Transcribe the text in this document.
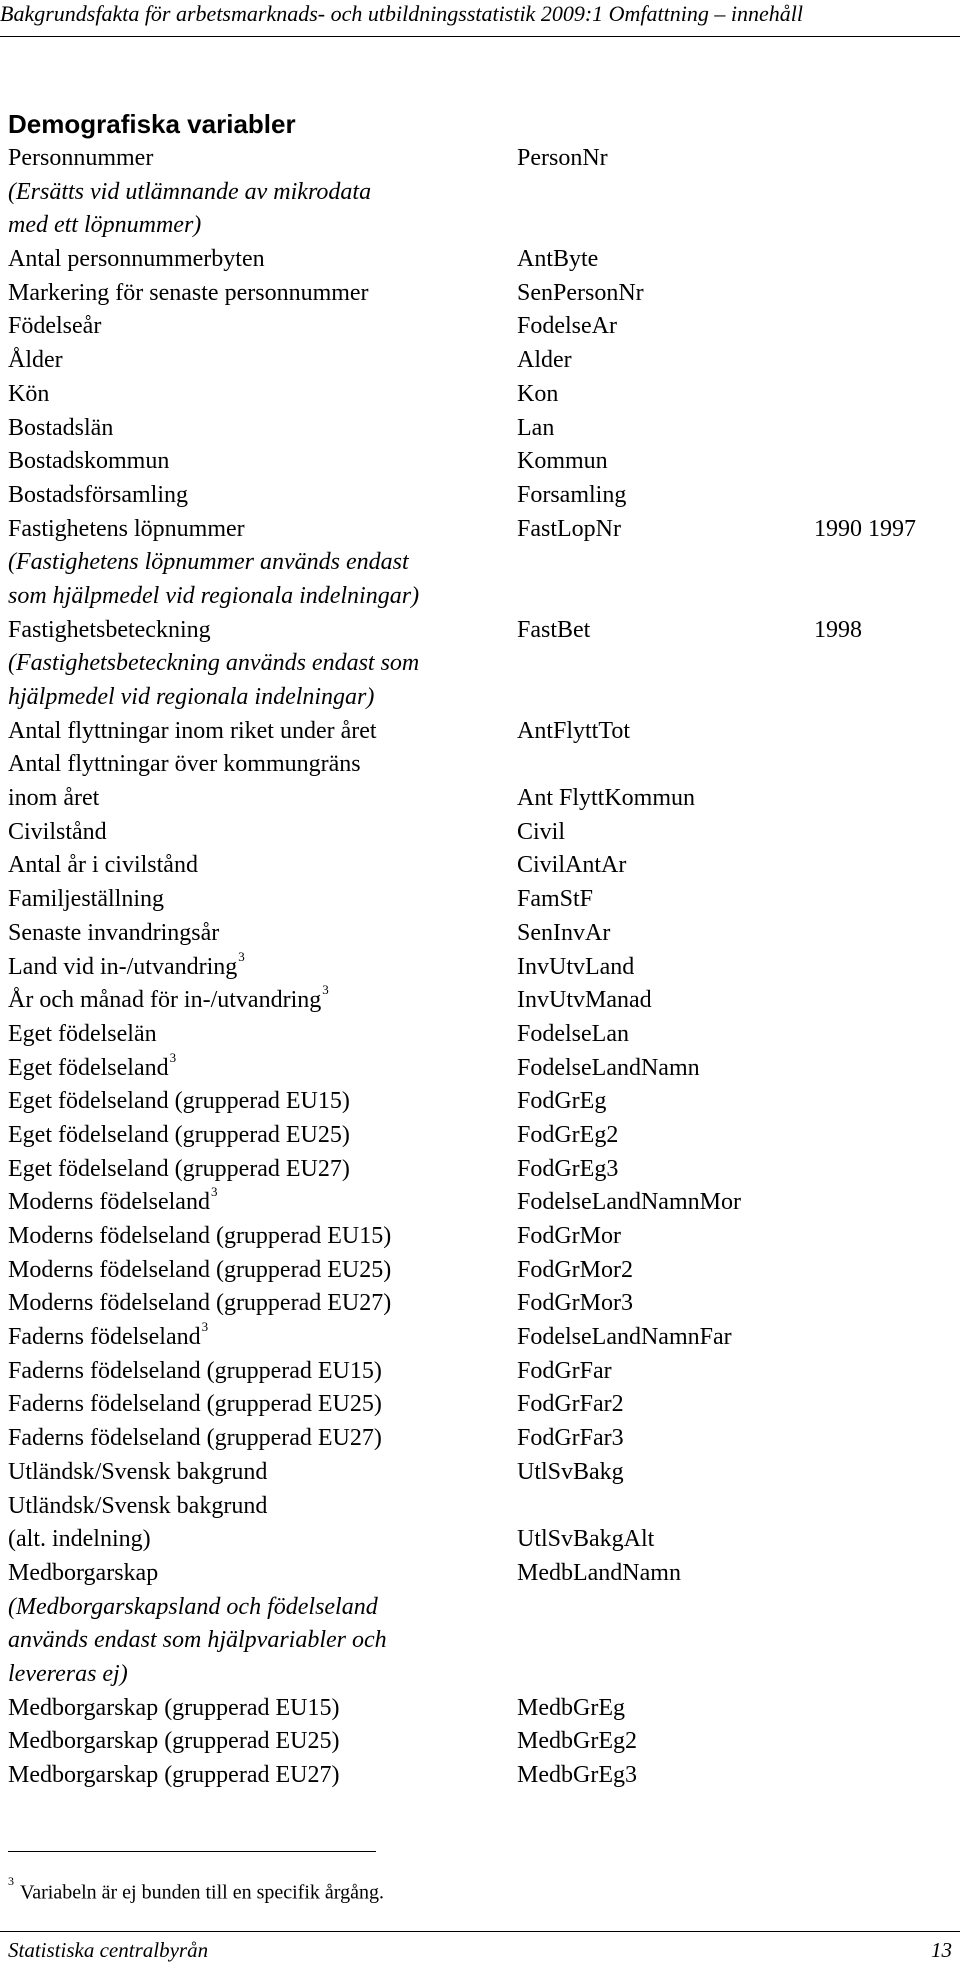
Bakgrundsfakta för arbetsmarknads- och utbildningsstatistik 2009:1 Omfattning – innehåll
Demografiska variabler
Personnummer	PersonNr
(Ersätts vid utlämnande av mikrodata
med ett löpnummer)
Antal personnummerbyten	AntByte
Markering för senaste personnummer	SenPersonNr
Födelseår	FodelseAr
Ålder	Alder
Kön	Kon
Bostadslän	Lan
Bostadskommun	Kommun
Bostadsförsamling	Forsamling
Fastighetens löpnummer	FastLopNr	1990 1997
(Fastighetens löpnummer används endast
som hjälpmedel vid regionala indelningar)
Fastighetsbeteckning	FastBet	1998
(Fastighetsbeteckning används endast som
hjälpmedel vid regionala indelningar)
Antal flyttningar inom riket under året	AntFlyttTot
Antal flyttningar över kommungräns
inom året	Ant FlyttKommun
Civilstånd	Civil
Antal år i civilstånd	CivilAntAr
Familjeställning	FamStF
Senaste invandringsår	SenInvAr
Land vid in-/utvandring$^3$	InvUtvLand
År och månad för in-/utvandring$^3$	InvUtvManad
Eget födelselän	FodelseLan
Eget födelseland$^3$	FodelseLandNamn
Eget födelseland (grupperad EU15)	FodGrEg
Eget födelseland (grupperad EU25)	FodGrEg2
Eget födelseland (grupperad EU27)	FodGrEg3
Moderns födelseland$^3$	FodelseLandNamnMor
Moderns födelseland (grupperad EU15)	FodGrMor
Moderns födelseland (grupperad EU25)	FodGrMor2
Moderns födelseland (grupperad EU27)	FodGrMor3
Faderns födelseland$^3$	FodelseLandNamnFar
Faderns födelseland (grupperad EU15)	FodGrFar
Faderns födelseland (grupperad EU25)	FodGrFar2
Faderns födelseland (grupperad EU27)	FodGrFar3
Utländsk/Svensk bakgrund	UtlSvBakg
Utländsk/Svensk bakgrund
(alt. indelning)	UtlSvBakgAlt
Medborgarskap	MedbLandNamn
(Medborgarskapsland och födelseland
används endast som hjälpvariabler och
levereras ej)
Medborgarskap (grupperad EU15)	MedbGrEg
Medborgarskap (grupperad EU25)	MedbGrEg2
Medborgarskap (grupperad EU27)	MedbGrEg3
$^3$Variabeln är ej bunden till en specifik årgång.
Statistiska centralbyrån	13
